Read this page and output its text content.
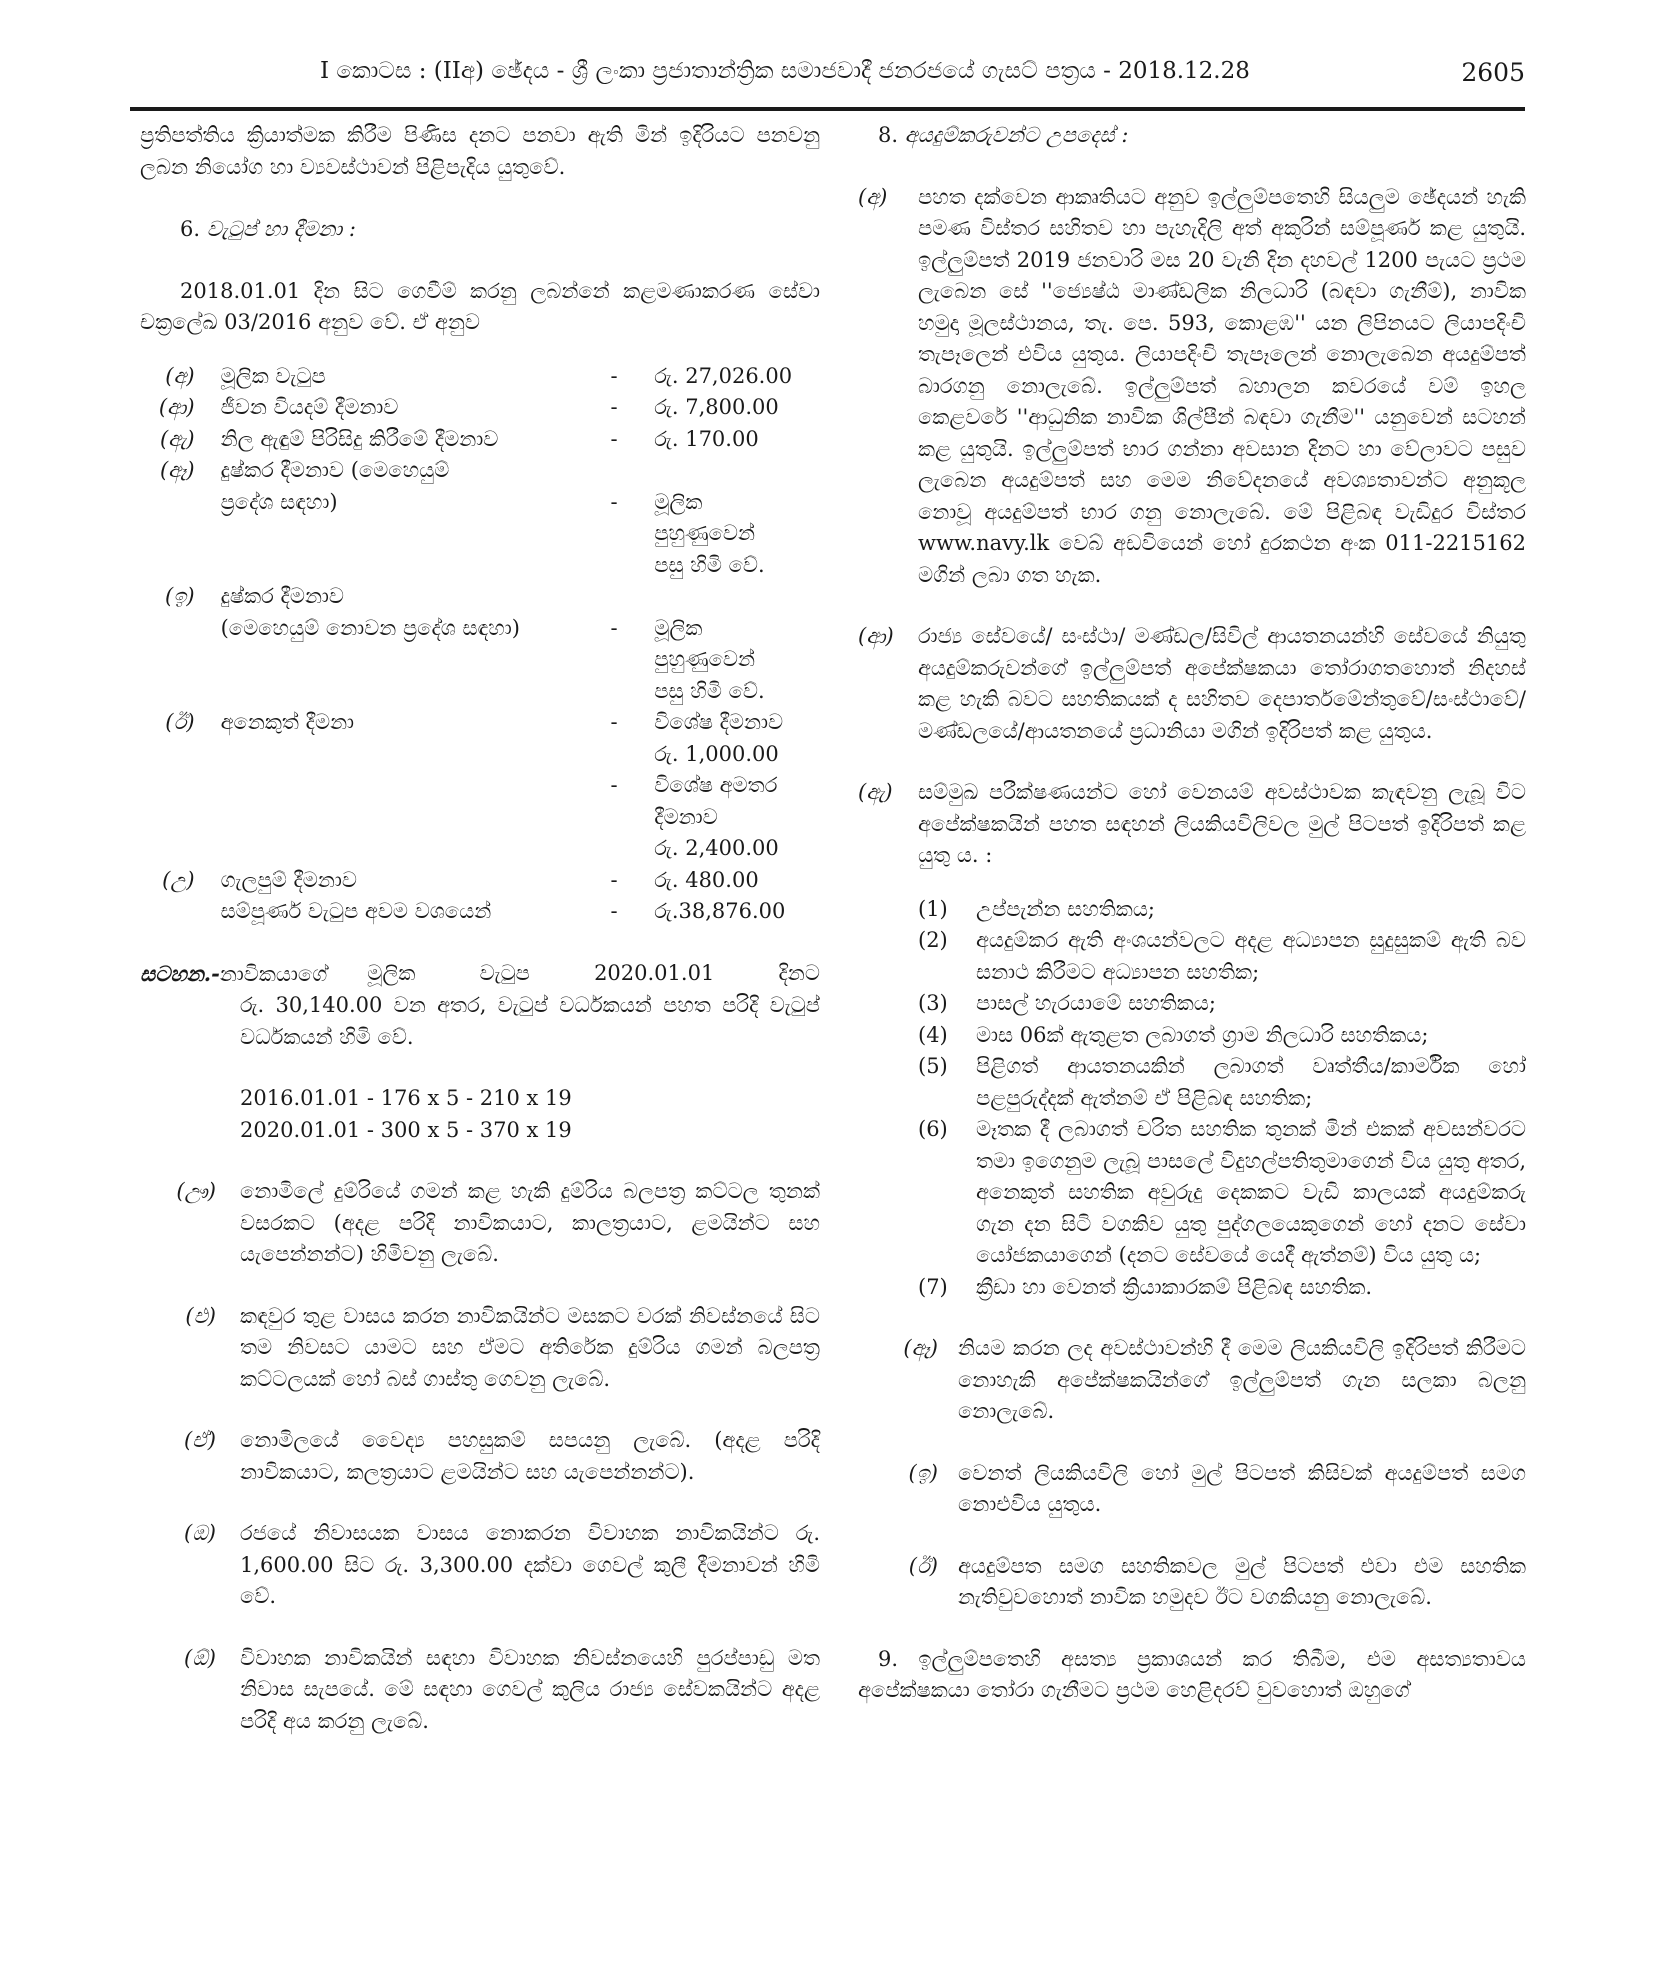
I කොටස : (IIඅ) ඡේදය - ශ්‍රී ලංකා ප්‍රජාතාන්ත්‍රික සමාජවාදී ජනරජයේ ගැසට් පත්‍රය - 2018.12.28	2605

ප්‍රතිපත්තිය ක්‍රියාත්මක කිරීම පිණිස දනට පනවා ඇති මින් ඉදිරියට පනවනු ලබන නියෝග හා ව්‍යවස්ථාවන් පිළිපැදිය යුතුවේ.

6. වැටුප් හා දීමනා :

2018.01.01 දින සිට ගෙවීම් කරනු ලබන්නේ කළමණාකරණ සේවා චක්‍රලේඛ 03/2016 අනුව වේ. ඒ අනුව

(අ)	මූලික වැටුප	-	රු. 27,026.00
(ආ)	ජීවන වියදම් දීමනාව	-	රු. 7,800.00
(ඇ)	නිල ඇඳුම් පිරිසිදු කිරීමේ දීමනාව	-	රු. 170.00
(ඈ)	දුෂ්කර දීමනාව (මෙහෙයුම්
ප්‍රදේශ සඳහා)	-	මූලික
පුහුණුවෙන්
පසු හිමි වේ.
(ඉ)	දුෂ්කර දීමනාව
(මෙහෙයුම් නොවන ප්‍රදේශ සඳහා)	-	මූලික
පුහුණුවෙන්
පසු හිමි වේ.
(ඊ)	අනෙකුත් දීමනා	-	විශේෂ දීමනාව
රු. 1,000.00
-	විශේෂ අමතර
දීමනාව
රු. 2,400.00
(උ)	ගැලපුම් දීමනාව	-	රු. 480.00
සම්පූර්ණ වැටුප අවම වශයෙන්	-	රු.38,876.00

සටහන.-නාවිකයාගේ මූලික	වැටුප	2020.01.01	දිනට

රු. 30,140.00 වන අතර, වැටුප් වර්ධකයන් පහත පරිදි වැටුප් වර්ධකයන් හිමි වේ.

2016.01.01 - 176 x 5 - 210 x 19

2020.01.01 - 300 x 5 - 370 x 19

(ඌ)	නොමිලේ දුම්රියේ ගමන් කළ හැකි දුම්රිය බලපත්‍ර කට්ටල තුනක් වසරකට (අදළ පරිදි නාවිකයාට, කාලත්‍රයාට, ළමයින්ට සහ යැපෙන්නන්ට) හිමිවනු ලැබේ.
(එ)	කඳවුර තුළ වාසය කරන නාවිකයින්ට මසකට වරක් නිවස්නයේ සිට තම නිවසට යාමට සහ ඒමට අතිරේක දුම්රිය ගමන් බලපත්‍ර කට්ටලයක් හෝ බස් ගාස්තු ගෙවනු ලැබේ.
(ඒ)	නොමිලයේ වෛද්‍ය පහසුකම් සපයනු ලැබේ. (අදළ පරිදි නාවිකයාට, කලත්‍රයාට ළමයින්ට සහ යැපෙන්නන්ට).
(ඔ)	රජයේ නිවාසයක වාසය නොකරන විවාහක නාවිකයින්ට රු. 1,600.00 සිට රු. 3,300.00 දක්වා ගෙවල් කුලී දීමනාවන් හිමි වේ.
(ඕ)	විවාහක නාවිකයින් සඳහා විවාහක නිවස්නයෙහි පුරප්පාඩු මත නිවාස සැපයේ. මේ සඳහා ගෙවල් කුලිය රාජ්‍ය සේවකයින්ට අදළ පරිදි අය කරනු ලැබේ.

8. අයදුම්කරුවන්ට උපදෙස් :

(අ)	පහත දක්වෙන ආකෘතියට අනුව ඉල්ලුම්පතෙහි සියලුම ඡේදයන් හැකි පමණ විස්තර සහිතව හා පැහැදිලි අත් අකුරින් සම්පූර්ණ කළ යුතුයි. ඉල්ලුම්පත් 2019 ජනවාරි මස 20 වැනි දින දහවල් 1200 පැයට ප්‍රථම ලැබෙන සේ ''ජ්‍යෙෂ්ඨ මාණ්ඩලික නිලධාරි (බඳවා ගැනීම්), නාවික හමුදා මූලස්ථානය, තැ. පෙ. 593, කොළඹ'' යන ලිපිනයට ලියාපදිංචි තැපෑලෙන් එවිය යුතුය. ලියාපදිංචි තැපෑලෙන් නොලැබෙන අයදුම්පත් බාරගනු නොලැබේ. ඉල්ලුම්පත් බහාලන කවරයේ වම් ඉහල කෙළවරේ ''ආධුනික නාවික ශිල්පීන් බඳවා ගැනීම'' යනුවෙන් සටහන් කළ යුතුයි. ඉල්ලුම්පත් භාර ගන්නා අවසාන දිනට හා වේලාවට පසුව ලැබෙන අයදුම්පත් සහ මෙම නිවේදනයේ අවශ්‍යතාවන්ට අනුකූල නොවූ අයදුම්පත් භාර ගනු නොලැබේ. මේ පිළිබඳ වැඩිදුර විස්තර www.navy.lk වෙබ් අඩවියෙන් හෝ දුරකථන අංක 011-2215162 මගින් ලබා ගත හැක.
(ආ)	රාජ්‍ය සේවයේ/ සංස්ථා/ මණ්ඩල/සිවිල් ආයතනයන්හි සේවයේ නියුතු අයදුම්කරුවන්ගේ ඉල්ලුම්පත් අපේක්ෂකයා තෝරාගතහොත් නිදහස් කළ හැකි බවට සහතිකයක් ද සහිතව දෙපාර්තමේන්තුවේ/සංස්ථාවේ/මණ්ඩලයේ/ආයතනයේ ප්‍රධානියා මගින් ඉදිරිපත් කළ යුතුය.
(ඇ)	සම්මුඛ පරීක්ෂණයන්ට හෝ වෙනයම් අවස්ථාවක කැඳවනු ලැබූ විට අපේක්ෂකයින් පහත සඳහන් ලියකියවිලිවල මුල් පිටපත් ඉදිරිපත් කළ යුතු ය. :
(1)	උප්පැන්න සහතිකය;
(2)	අයදුම්කර ඇති අංශයන්වලට අදළ අධ්‍යාපන සුදුසුකම් ඇති බව සනාථ කිරීමට අධ්‍යාපන සහතික;
(3)	පාසල් හැරයාමේ සහතිකය;
(4)	මාස 06ක් ඇතුළත ලබාගත් ග්‍රාම නිලධාරි සහතිකය;
(5)	පිළිගත් ආයතනයකින් ලබාගත් වෘත්තීය/කාර්මික හෝ පළපුරුද්දක් ඇත්නම් ඒ පිළිබඳ සහතික;
(6)	මෑතක දී ලබාගත් චරිත සහතික තුනක් මින් එකක් අවසන්වරට තමා ඉගෙනුම ලැබූ පාසලේ විදුහල්පතිතුමාගෙන් විය යුතු අතර, අනෙකුත් සහතික අවුරුදු දෙකකට වැඩි කාලයක් අයදුම්කරු ගැන දන සිටි වගකිව යුතු පුද්ගලයෙකුගෙන් හෝ දනට සේවා යෝජකයාගෙන් (දනට සේවයේ යෙදී ඇත්නම්) විය යුතු ය;
(7)	ක්‍රීඩා හා වෙනත් ක්‍රියාකාරකම් පිළිබඳ සහතික.
(ඈ) නියම කරන ලද අවස්ථාවන්හි දී මෙම ලියකියවිලි ඉදිරිපත් කිරීමට නොහැකි අපේක්ෂකයින්ගේ ඉල්ලුම්පත් ගැන සලකා බලනු නොලැබේ.
(ඉ) වෙනත් ලියකියවිලි හෝ මුල් පිටපත් කිසිවක් අයදුම්පත් සමග නොඑවිය යුතුය.
(ඊ) අයදුම්පත සමග සහතිකවල මුල් පිටපත් එවා එම සහතික නැතිවුවහොත් නාවික හමුදව ඊට වගකියනු නොලැබේ.

9. ඉල්ලුම්පතෙහි අසත්‍ය ප්‍රකාශයන් කර තිබීම, එම අසත්‍යතාවය අපේක්ෂකයා තෝරා ගැනීමට ප්‍රථම හෙළිදරව් වුවහොත් ඔහුගේ
